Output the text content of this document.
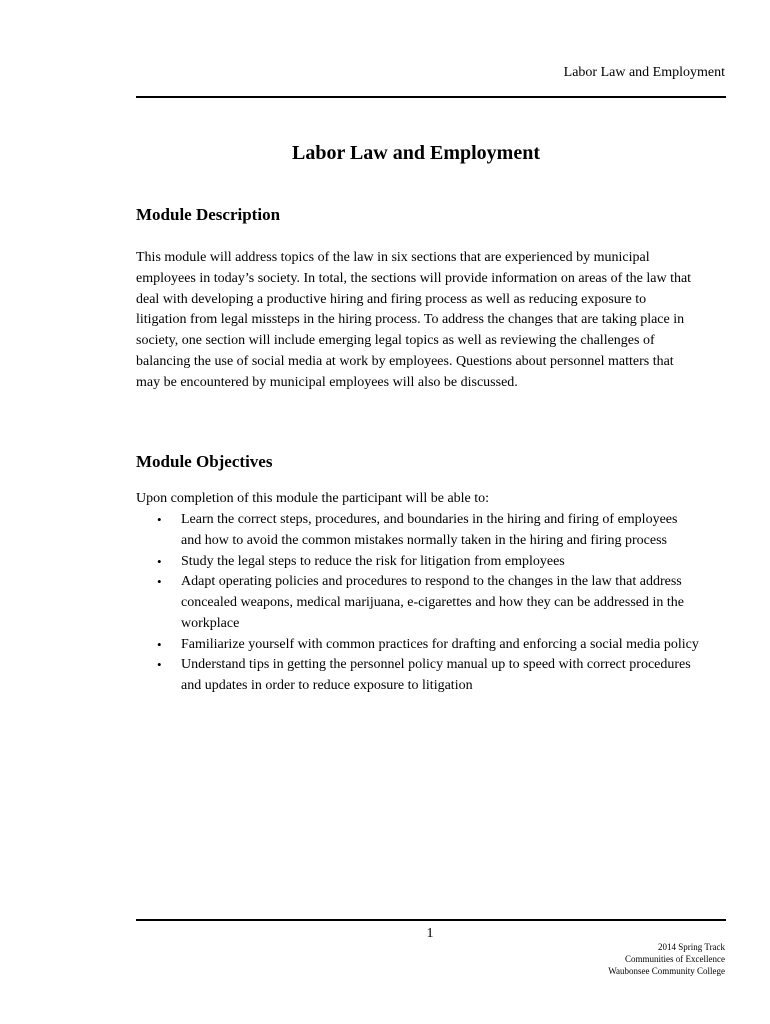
Labor Law and Employment
Labor Law and Employment
Module Description

This module will address topics of the law in six sections that are experienced by municipal employees in today’s society. In total, the sections will provide information on areas of the law that deal with developing a productive hiring and firing process as well as reducing exposure to litigation from legal missteps in the hiring process. To address the changes that are taking place in society, one section will include emerging legal topics as well as reviewing the challenges of balancing the use of social media at work by employees. Questions about personnel matters that may be encountered by municipal employees will also be discussed.

Module Objectives

Upon completion of this module the participant will be able to:

• Learn the correct steps, procedures, and boundaries in the hiring and firing of employees and how to avoid the common mistakes normally taken in the hiring and firing process
• Study the legal steps to reduce the risk for litigation from employees
• Adapt operating policies and procedures to respond to the changes in the law that address concealed weapons, medical marijuana, e-cigarettes and how they can be addressed in the workplace
• Familiarize yourself with common practices for drafting and enforcing a social media policy
• Understand tips in getting the personnel policy manual up to speed with correct procedures and updates in order to reduce exposure to litigation
1
2014 Spring Track
Communities of Excellence
Waubonsee Community College
